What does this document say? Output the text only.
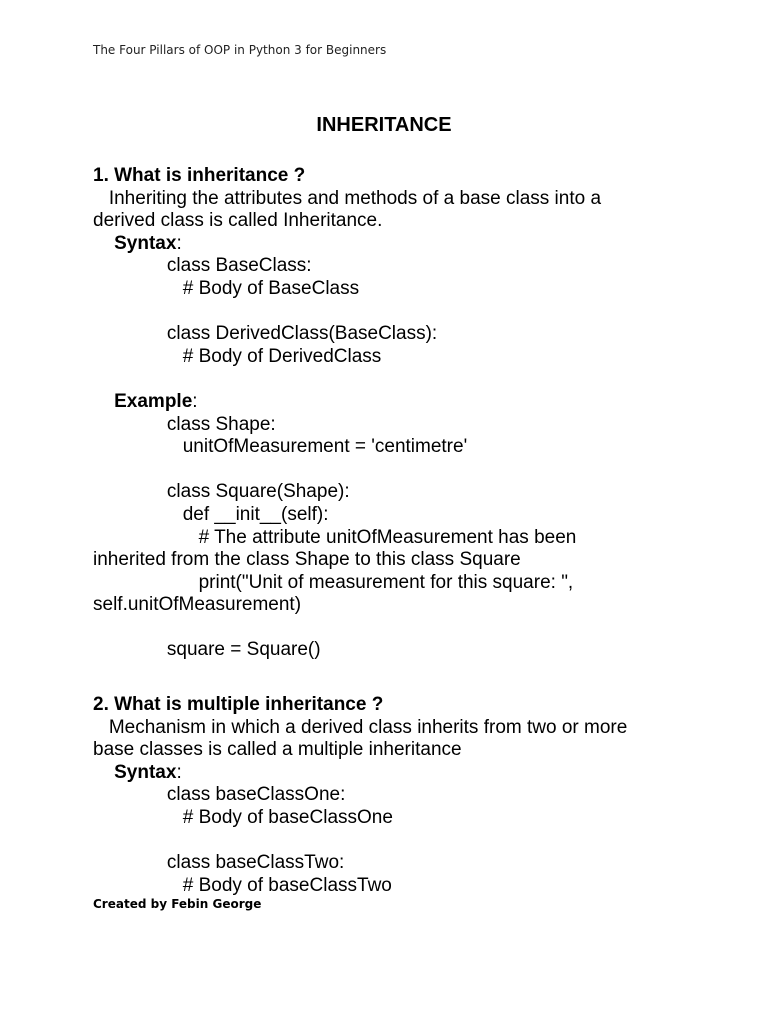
The Four Pillars of OOP in Python 3 for Beginners
INHERITANCE
1. What is inheritance ?
Inheriting the attributes and methods of a base class into a
derived class is called Inheritance.
Syntax:
class BaseClass:
# Body of BaseClass
class DerivedClass(BaseClass):
# Body of DerivedClass
Example:
class Shape:
unitOfMeasurement = 'centimetre'
class Square(Shape):
def __init__(self):
# The attribute unitOfMeasurement has been
inherited from the class Shape to this class Square
print("Unit of measurement for this square: ",
self.unitOfMeasurement)
square = Square()
2. What is multiple inheritance ?
Mechanism in which a derived class inherits from two or more
base classes is called a multiple inheritance
Syntax:
class baseClassOne:
# Body of baseClassOne
class baseClassTwo:
# Body of baseClassTwo
Created by Febin George
